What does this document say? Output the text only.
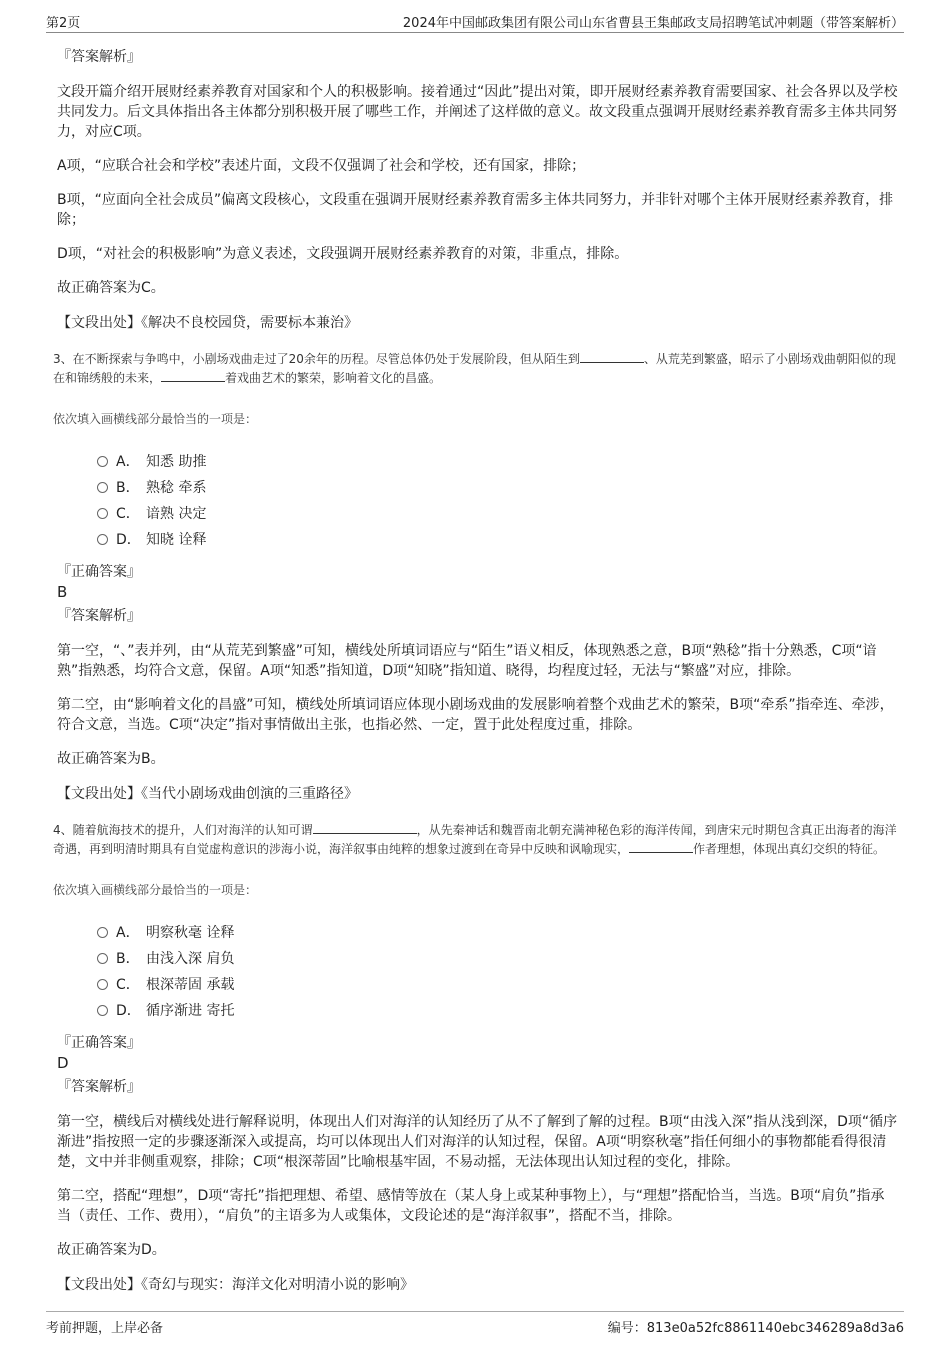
第2页	2024年中国邮政集团有限公司山东省曹县王集邮政支局招聘笔试冲刺题（带答案解析）
『答案解析』

文段开篇介绍开展财经素养教育对国家和个人的积极影响。接着通过“因此”提出对策，即开展财经素养教育需要国家、社会各界以及学校共同发力。后文具体指出各主体都分别积极开展了哪些工作，并阐述了这样做的意义。故文段重点强调开展财经素养教育需多主体共同努力，对应C项。

A项，“应联合社会和学校”表述片面，文段不仅强调了社会和学校，还有国家，排除；

B项，“应面向全社会成员”偏离文段核心，文段重在强调开展财经素养教育需多主体共同努力，并非针对哪个主体开展财经素养教育，排除；

D项，“对社会的积极影响”为意义表述，文段强调开展财经素养教育的对策，非重点，排除。

故正确答案为C。

【文段出处】《解决不良校园贷，需要标本兼治》
3、在不断探索与争鸣中，小剧场戏曲走过了20余年的历程。尽管总体仍处于发展阶段，但从陌生到	、从荒芜到繁盛，昭示了小剧场戏曲朝阳似的现在和锦绣般的未来，	着戏曲艺术的繁荣，影响着文化的昌盛。
依次填入画横线部分最恰当的一项是：
A． 知悉 助推
B． 熟稔 牵系
C． 谙熟 决定
D． 知晓 诠释
『正确答案』
B
『答案解析』

第一空，“、”表并列，由“从荒芜到繁盛”可知，横线处所填词语应与“陌生”语义相反，体现熟悉之意，B项“熟稔”指十分熟悉，C项“谙熟”指熟悉，均符合文意，保留。A项“知悉”指知道，D项“知晓”指知道、晓得，均程度过轻，无法与“繁盛”对应，排除。

第二空，由“影响着文化的昌盛”可知，横线处所填词语应体现小剧场戏曲的发展影响着整个戏曲艺术的繁荣，B项“牵系”指牵连、牵涉，符合文意，当选。C项“决定”指对事情做出主张，也指必然、一定，置于此处程度过重，排除。

故正确答案为B。

【文段出处】《当代小剧场戏曲创演的三重路径》
4、随着航海技术的提升，人们对海洋的认知可谓	，从先秦神话和魏晋南北朝充满神秘色彩的海洋传闻，到唐宋元时期包含真正出海者的海洋奇遇，再到明清时期具有自觉虚构意识的涉海小说，海洋叙事由纯粹的想象过渡到在奇异中反映和讽喻现实，	作者理想，体现出真幻交织的特征。
依次填入画横线部分最恰当的一项是：
A． 明察秋毫 诠释
B． 由浅入深 肩负
C． 根深蒂固 承载
D． 循序渐进 寄托
『正确答案』
D
『答案解析』

第一空，横线后对横线处进行解释说明，体现出人们对海洋的认知经历了从不了解到了解的过程。B项“由浅入深”指从浅到深，D项“循序渐进”指按照一定的步骤逐渐深入或提高，均可以体现出人们对海洋的认知过程，保留。A项“明察秋毫”指任何细小的事物都能看得很清楚，文中并非侧重观察，排除；C项“根深蒂固”比喻根基牢固，不易动摇，无法体现出认知过程的变化，排除。

第二空，搭配“理想”，D项“寄托”指把理想、希望、感情等放在（某人身上或某种事物上），与“理想”搭配恰当，当选。B项“肩负”指承当（责任、工作、费用），“肩负”的主语多为人或集体，文段论述的是“海洋叙事”，搭配不当，排除。

故正确答案为D。

【文段出处】《奇幻与现实：海洋文化对明清小说的影响》
考前押题，上岸必备	编号：813e0a52fc8861140ebc346289a8d3a6
